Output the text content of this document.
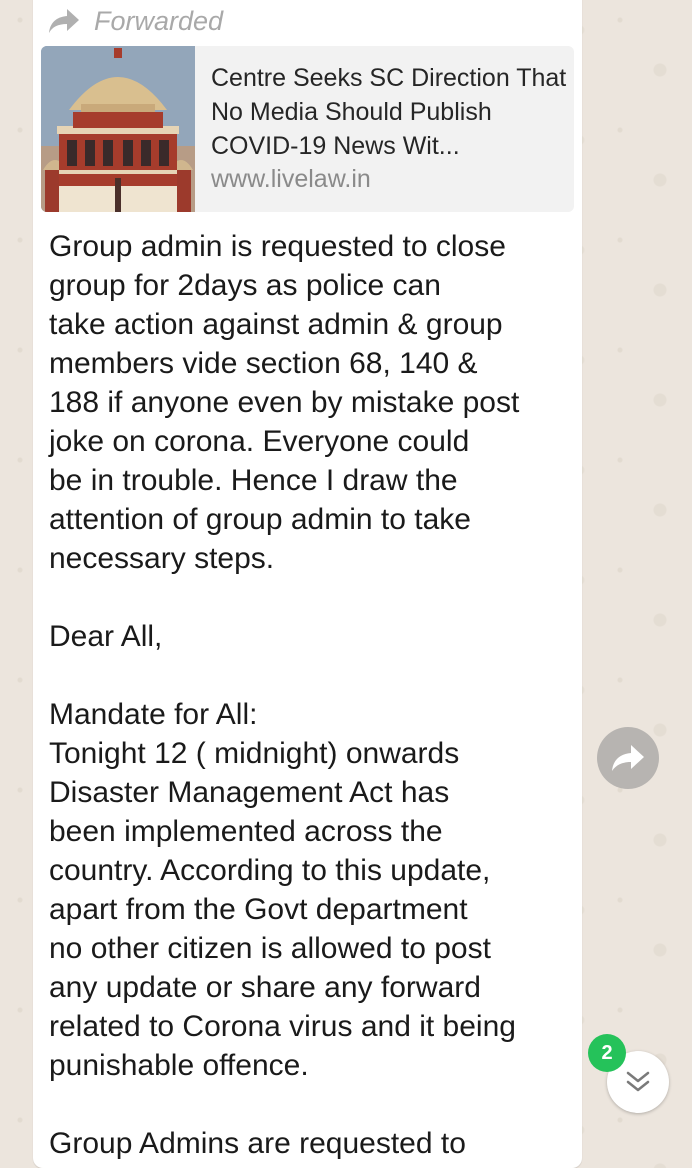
Forwarded
Centre Seeks SC Direction That No Media Should Publish COVID-19 News Wit...
www.livelaw.in

Group admin is requested to close
group for 2days as police can
take action against admin & group
members vide section 68, 140 &
188 if anyone even by mistake post
joke on corona. Everyone could
be in trouble. Hence I draw the
attention of group admin to take
necessary steps.

Dear All,

Mandate for All:
Tonight 12 ( midnight) onwards
Disaster Management Act has
been implemented across the
country. According to this update,
apart from the Govt department
no other citizen is allowed to post
any update or share any forward
related to Corona virus and it being
punishable offence.

Group Admins are requested to

2
